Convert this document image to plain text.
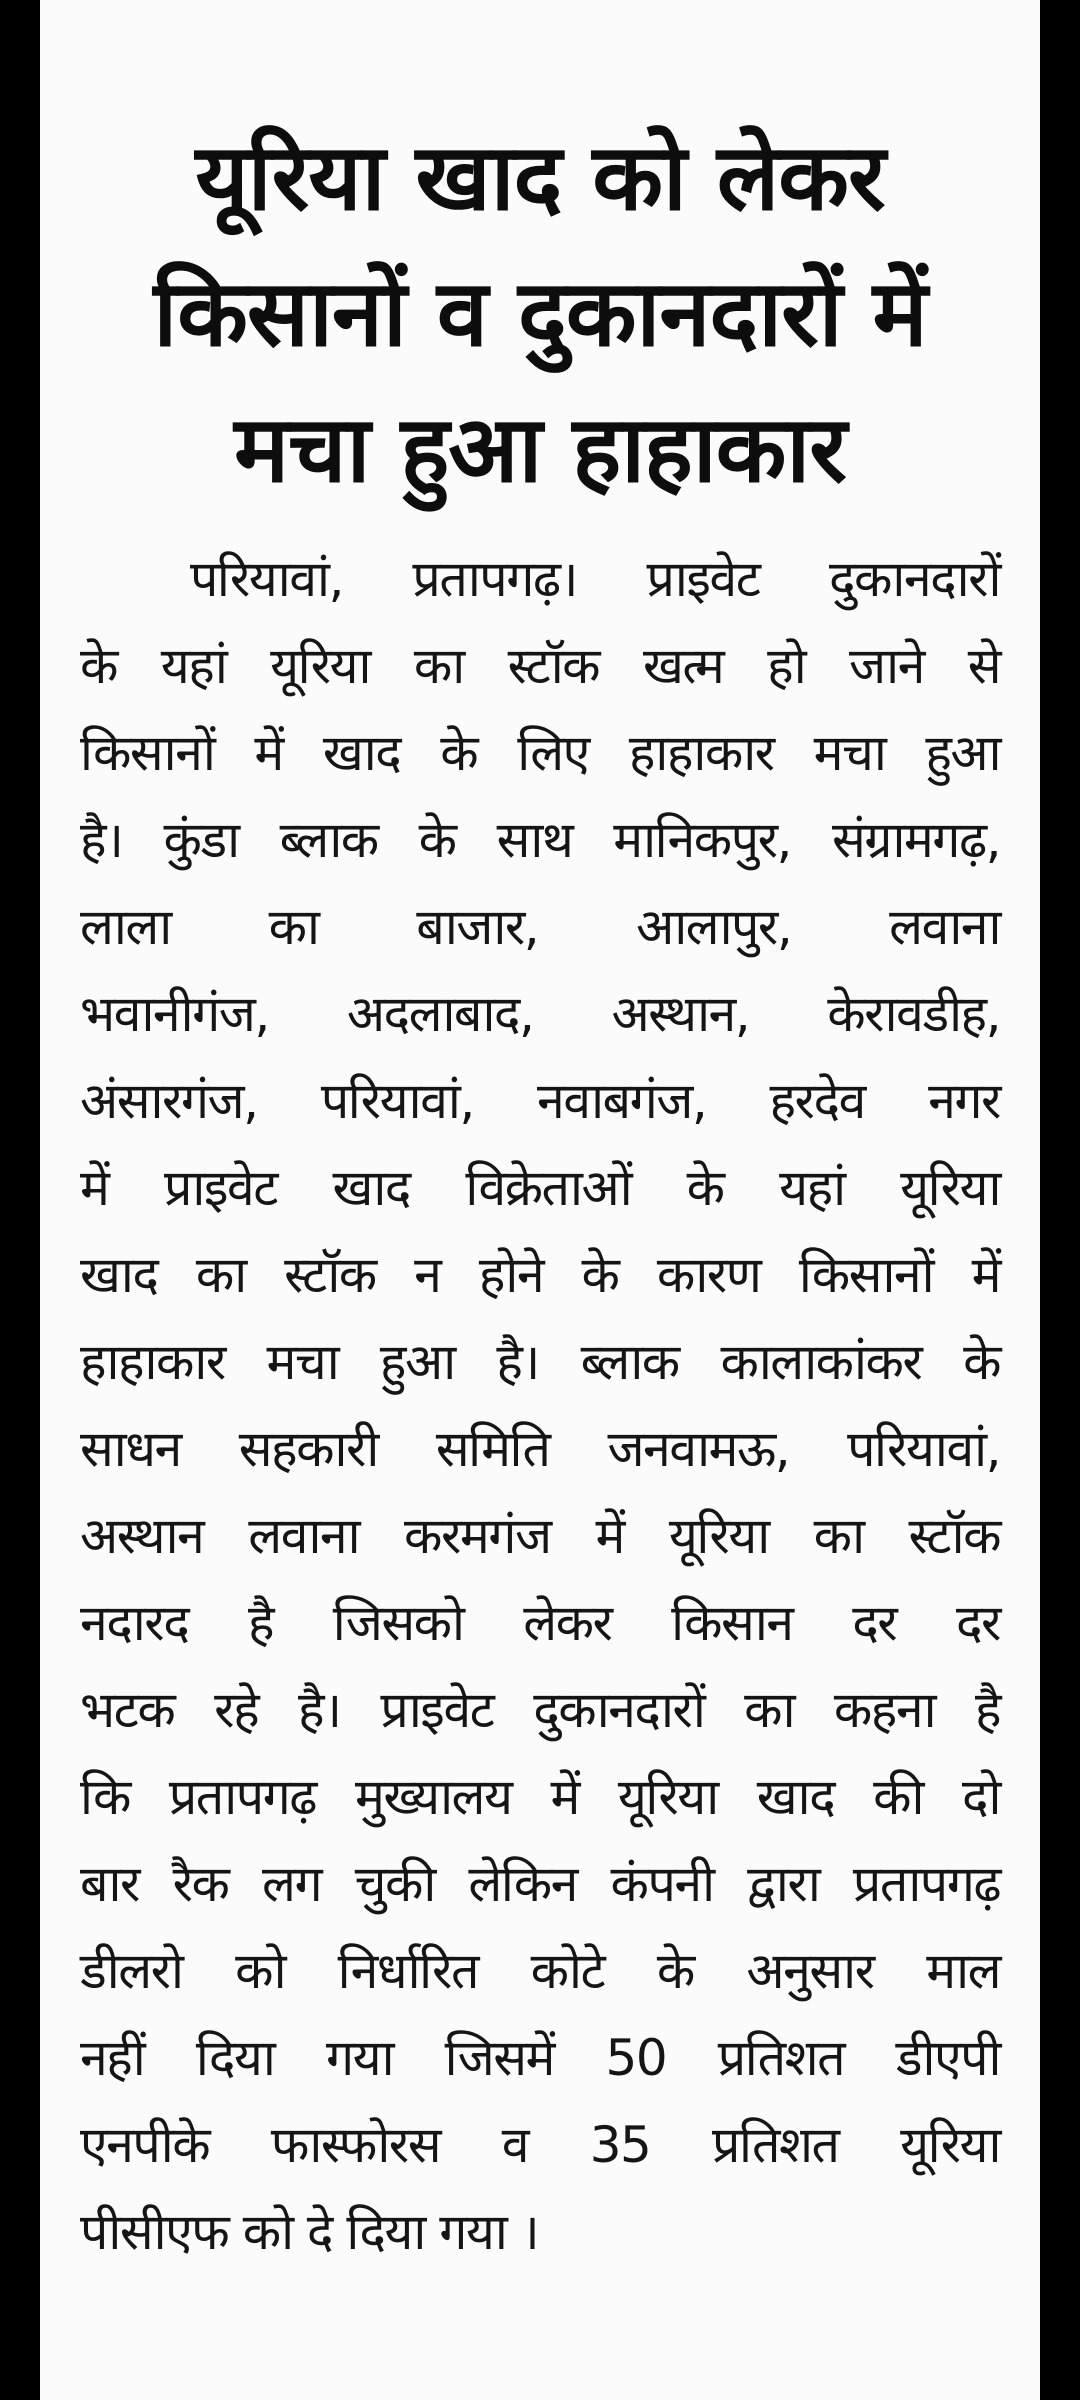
यूरिया खाद को लेकर
किसानों व दुकानदारों में
मचा हुआ हाहाकार
परियावां, प्रतापगढ़। प्राइवेट दुकानदारों
के यहां यूरिया का स्टॉक खत्म हो जाने से
किसानों में खाद के लिए हाहाकार मचा हुआ
है। कुंडा ब्लाक के साथ मानिकपुर, संग्रामगढ़,
लाला का बाजार, आलापुर, लवाना
भवानीगंज, अदलाबाद, अस्थान, केरावडीह,
अंसारगंज, परियावां, नवाबगंज, हरदेव नगर
में प्राइवेट खाद विक्रेताओं के यहां यूरिया
खाद का स्टॉक न होने के कारण किसानों में
हाहाकार मचा हुआ है। ब्लाक कालाकांकर के
साधन सहकारी समिति जनवामऊ, परियावां,
अस्थान लवाना करमगंज में यूरिया का स्टॉक
नदारद है जिसको लेकर किसान दर दर
भटक रहे है। प्राइवेट दुकानदारों का कहना है
कि प्रतापगढ़ मुख्यालय में यूरिया खाद की दो
बार रैक लग चुकी लेकिन कंपनी द्वारा प्रतापगढ़
डीलरो को निर्धारित कोटे के अनुसार माल
नहीं दिया गया जिसमें 50 प्रतिशत डीएपी
एनपीके फास्फोरस व 35 प्रतिशत यूरिया
पीसीएफ को दे दिया गया ।
